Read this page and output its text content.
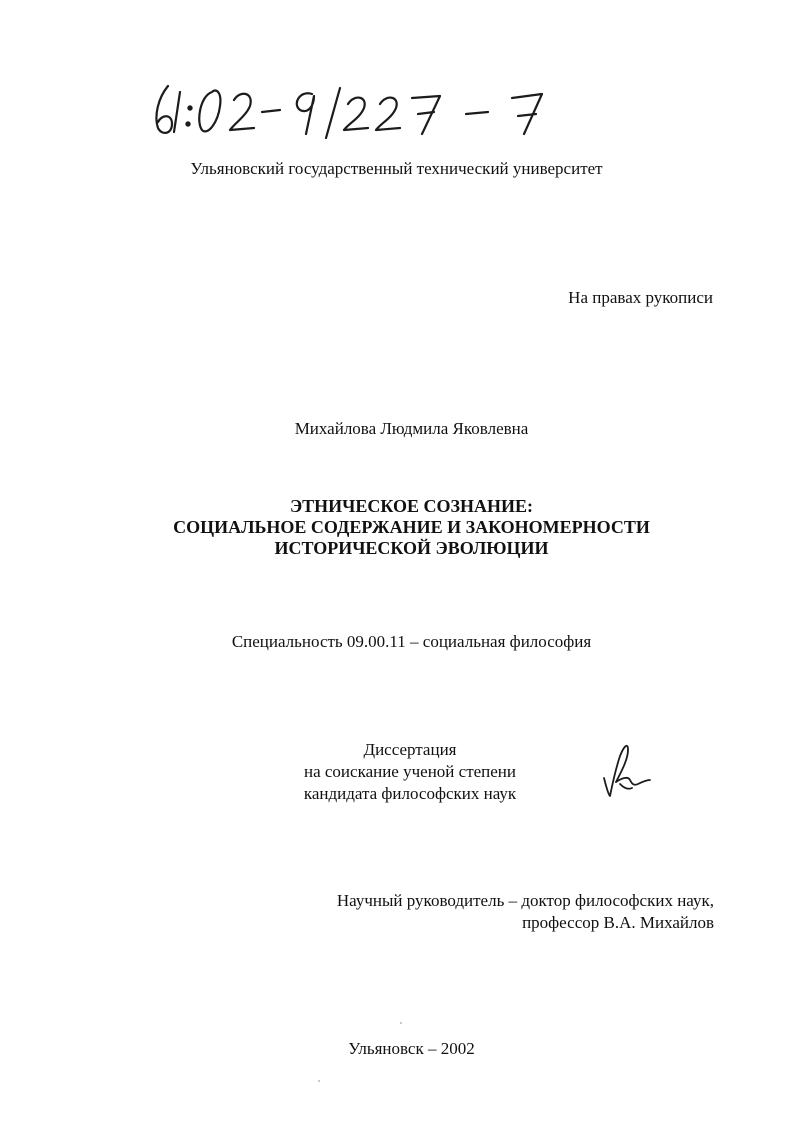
Ульяновский государственный технический университет
На правах рукописи
Михайлова Людмила Яковлевна
ЭТНИЧЕСКОЕ СОЗНАНИЕ:
СОЦИАЛЬНОЕ СОДЕРЖАНИЕ И ЗАКОНОМЕРНОСТИ
ИСТОРИЧЕСКОЙ ЭВОЛЮЦИИ
Специальность 09.00.11 – социальная философия
Диссертация
на соискание ученой степени
кандидата философских наук
Научный руководитель – доктор философских наук,
профессор В.А. Михайлов
Ульяновск – 2002
